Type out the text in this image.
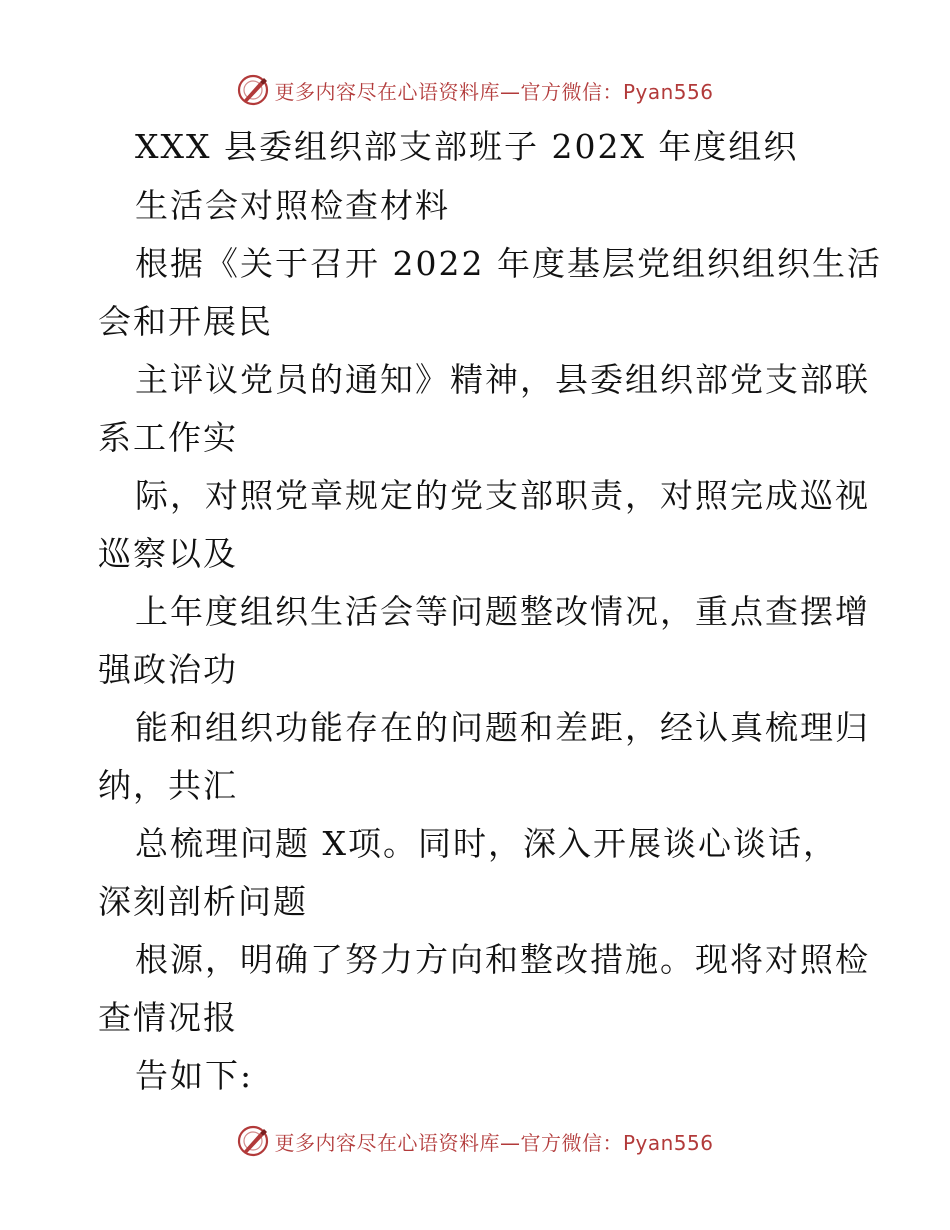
更多内容尽在心语资料库—官方微信：Pyan556
XXX 县委组织部支部班子 202X 年度组织
生活会对照检查材料
根据《关于召开 2022 年度基层党组织组织生活
会和开展民
主评议党员的通知》精神，县委组织部党支部联
系工作实
际，对照党章规定的党支部职责，对照完成巡视
巡察以及
上年度组织生活会等问题整改情况，重点查摆增
强政治功
能和组织功能存在的问题和差距，经认真梳理归
纳，共汇
总梳理问题 X项。同时，深入开展谈心谈话，
深刻剖析问题
根源，明确了努力方向和整改措施。现将对照检
查情况报
告如下:
更多内容尽在心语资料库—官方微信：Pyan556
